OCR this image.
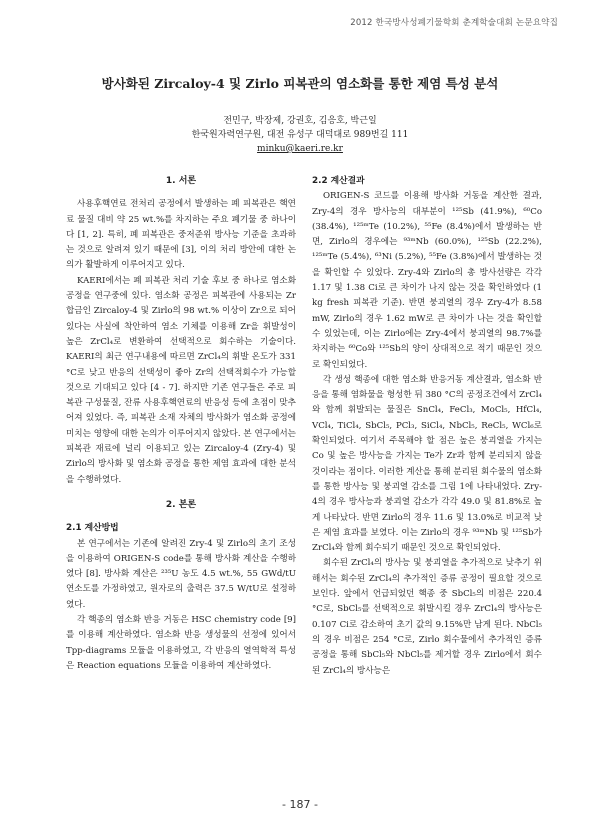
2012 한국방사성폐기물학회 춘계학술대회 논문요약집
방사화된 Zircaloy-4 및 Zirlo 피복관의 염소화를 통한 제염 특성 분석
전민구, 박장제, 강권호, 김응호, 박근일
한국원자력연구원, 대전 유성구 대덕대로 989번길 111
minku@kaeri.re.kr
1. 서론

사용후핵연료 전처리 공정에서 발생하는 폐 피복관은 핵연료 물질 대비 약 25 wt.%를 차지하는 주요 폐기물 중 하나이다 [1, 2]. 특히, 폐 피복관은 중저준위 방사능 기준을 초과하는 것으로 알려져 있기 때문에 [3], 이의 처리 방안에 대한 논의가 활발하게 이루어지고 있다.

KAERI에서는 폐 피복관 처리 기술 후보 중 하나로 염소화 공정을 연구중에 있다. 염소화 공정은 피복관에 사용되는 Zr 합금인 Zircaloy-4 및 Zirlo의 98 wt.% 이상이 Zr으로 되어있다는 사실에 착안하여 염소 기체를 이용해 Zr을 휘발성이 높은 ZrCl₄로 변환하여 선택적으로 회수하는 기술이다. KAERI의 최근 연구내용에 따르면 ZrCl₄의 휘발 온도가 331 °C로 낮고 반응의 선택성이 좋아 Zr의 선택적회수가 가능할 것으로 기대되고 있다 [4 - 7]. 하지만 기존 연구들은 주로 피복관 구성물질, 잔류 사용후핵연료의 반응성 등에 초점이 맞추어져 있었다. 즉, 피복관 소재 자체의 방사화가 염소화 공정에 미치는 영향에 대한 논의가 이루어지지 않았다. 본 연구에서는 피복관 재료에 널리 이용되고 있는 Zircaloy-4 (Zry-4) 및 Zirlo의 방사화 및 염소화 공정을 통한 제염 효과에 대한 분석을 수행하였다.

2. 본론
2.1 계산방법

본 연구에서는 기존에 알려진 Zry-4 및 Zirlo의 초기 조성을 이용하여 ORIGEN-S code를 통해 방사화 계산을 수행하였다 [8]. 방사화 계산은 ²³⁵U 농도 4.5 wt.%, 55 GWd/tU 연소도를 가정하였고, 원자로의 출력은 37.5 W/tU로 설정하였다.

각 핵종의 염소화 반응 거동은 HSC chemistry code [9]를 이용해 계산하였다. 염소화 반응 생성물의 선정에 있어서 Tpp-diagrams 모듈을 이용하였고, 각 반응의 열역학적 특성은 Reaction equations 모듈을 이용하여 계산하였다.

2.2 계산결과

ORIGEN-S 코드를 이용해 방사화 거동을 계산한 결과, Zry-4의 경우 방사능의 대부분이 ¹²⁵Sb (41.9%), ⁶⁰Co (38.4%), ¹²⁵ᵐTe (10.2%), ⁵⁵Fe (8.4%)에서 발생하는 반면, Zirlo의 경우에는 ⁹³ᵐNb (60.0%), ¹²⁵Sb (22.2%), ¹²⁵ᵐTe (5.4%), ⁶³Ni (5.2%), ⁵⁵Fe (3.8%)에서 발생하는 것을 확인할 수 있었다. Zry-4와 Zirlo의 총 방사선량은 각각 1.17 및 1.38 Ci로 큰 차이가 나지 않는 것을 확인하였다 (1 kg fresh 피복관 기준). 반면 붕괴열의 경우 Zry-4가 8.58 mW, Zirlo의 경우 1.62 mW로 큰 차이가 나는 것을 확인할 수 있었는데, 이는 Zirlo에는 Zry-4에서 붕괴열의 98.7%를 차지하는 ⁶⁰Co와 ¹²⁵Sb의 양이 상대적으로 적기 때문인 것으로 확인되었다.

각 생성 핵종에 대한 염소화 반응거동 계산결과, 염소화 반응을 통해 염화물을 형성한 뒤 380 °C의 공정조건에서 ZrCl₄와 함께 휘발되는 물질은 SnCl₄, FeCl₃, MoCl₅, HfCl₄, VCl₄, TiCl₄, SbCl₅, PCl₃, SiCl₄, NbCl₅, ReCl₅, WCl₆로 확인되었다. 여기서 주목해야 할 점은 높은 붕괴열을 가지는 Co 및 높은 방사능을 가지는 Te가 Zr과 함께 분리되지 않을 것이라는 점이다. 이러한 계산을 통해 분리된 회수물의 염소화를 통한 방사능 및 붕괴열 감소를 그림 1에 나타내었다. Zry-4의 경우 방사능과 붕괴열 감소가 각각 49.0 및 81.8%로 높게 나타났다. 반면 Zirlo의 경우 11.6 및 13.0%로 비교적 낮은 제염 효과를 보였다. 이는 Zirlo의 경우 ⁹³ᵐNb 및 ¹²⁵Sb가 ZrCl₄와 함께 회수되기 때문인 것으로 확인되었다.

회수된 ZrCl₄의 방사능 및 붕괴열을 추가적으로 낮추기 위해서는 회수된 ZrCl₄의 추가적인 증류 공정이 필요할 것으로 보인다. 앞에서 언급되었던 핵종 중 SbCl₅의 비점은 220.4 °C로, SbCl₅를 선택적으로 휘발시킬 경우 ZrCl₄의 방사능은 0.107 Ci로 감소하여 초기 값의 9.15%만 남게 된다. NbCl₅의 경우 비점은 254 °C로, Zirlo 회수물에서 추가적인 증류 공정을 통해 SbCl₅와 NbCl₅를 제거할 경우 Zirlo에서 회수된 ZrCl₄의 방사능은

- 187 -
